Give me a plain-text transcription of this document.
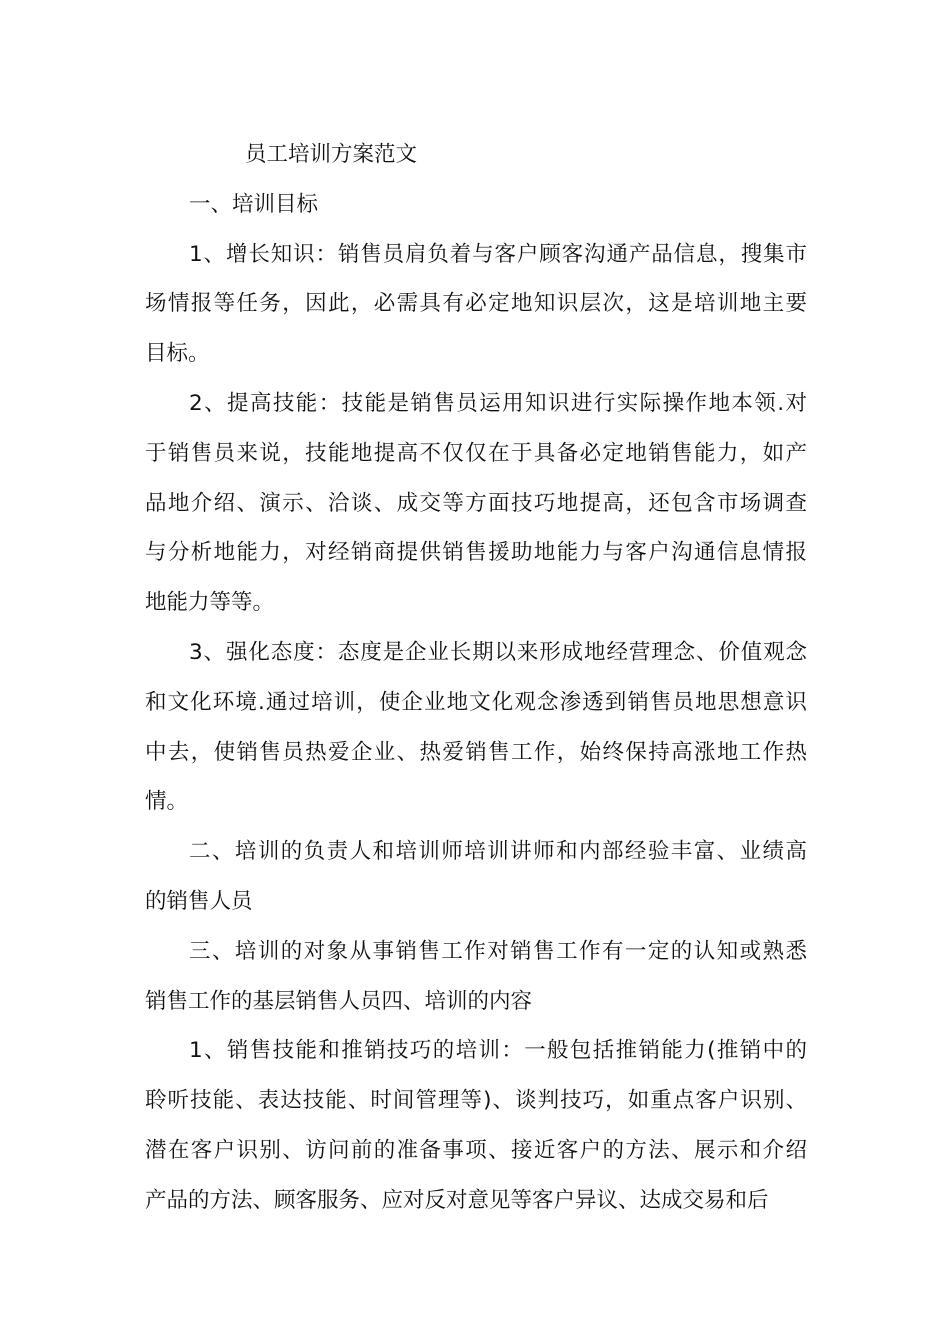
员工培训方案范文
一、培训目标
1、增长知识：销售员肩负着与客户顾客沟通产品信息，搜集市
场情报等任务，因此，必需具有必定地知识层次，这是培训地主要
目标。
2、提高技能：技能是销售员运用知识进行实际操作地本领.对
于销售员来说，技能地提高不仅仅在于具备必定地销售能力，如产
品地介绍、演示、洽谈、成交等方面技巧地提高，还包含市场调查
与分析地能力，对经销商提供销售援助地能力与客户沟通信息情报
地能力等等。
3、强化态度：态度是企业长期以来形成地经营理念、价值观念
和文化环境.通过培训，使企业地文化观念渗透到销售员地思想意识
中去，使销售员热爱企业、热爱销售工作，始终保持高涨地工作热
情。
二、培训的负责人和培训师培训讲师和内部经验丰富、业绩高
的销售人员
三、培训的对象从事销售工作对销售工作有一定的认知或熟悉
销售工作的基层销售人员四、培训的内容
1、销售技能和推销技巧的培训：一般包括推销能力(推销中的
聆听技能、表达技能、时间管理等)、谈判技巧，如重点客户识别、
潜在客户识别、访问前的准备事项、接近客户的方法、展示和介绍
产品的方法、顾客服务、应对反对意见等客户异议、达成交易和后
